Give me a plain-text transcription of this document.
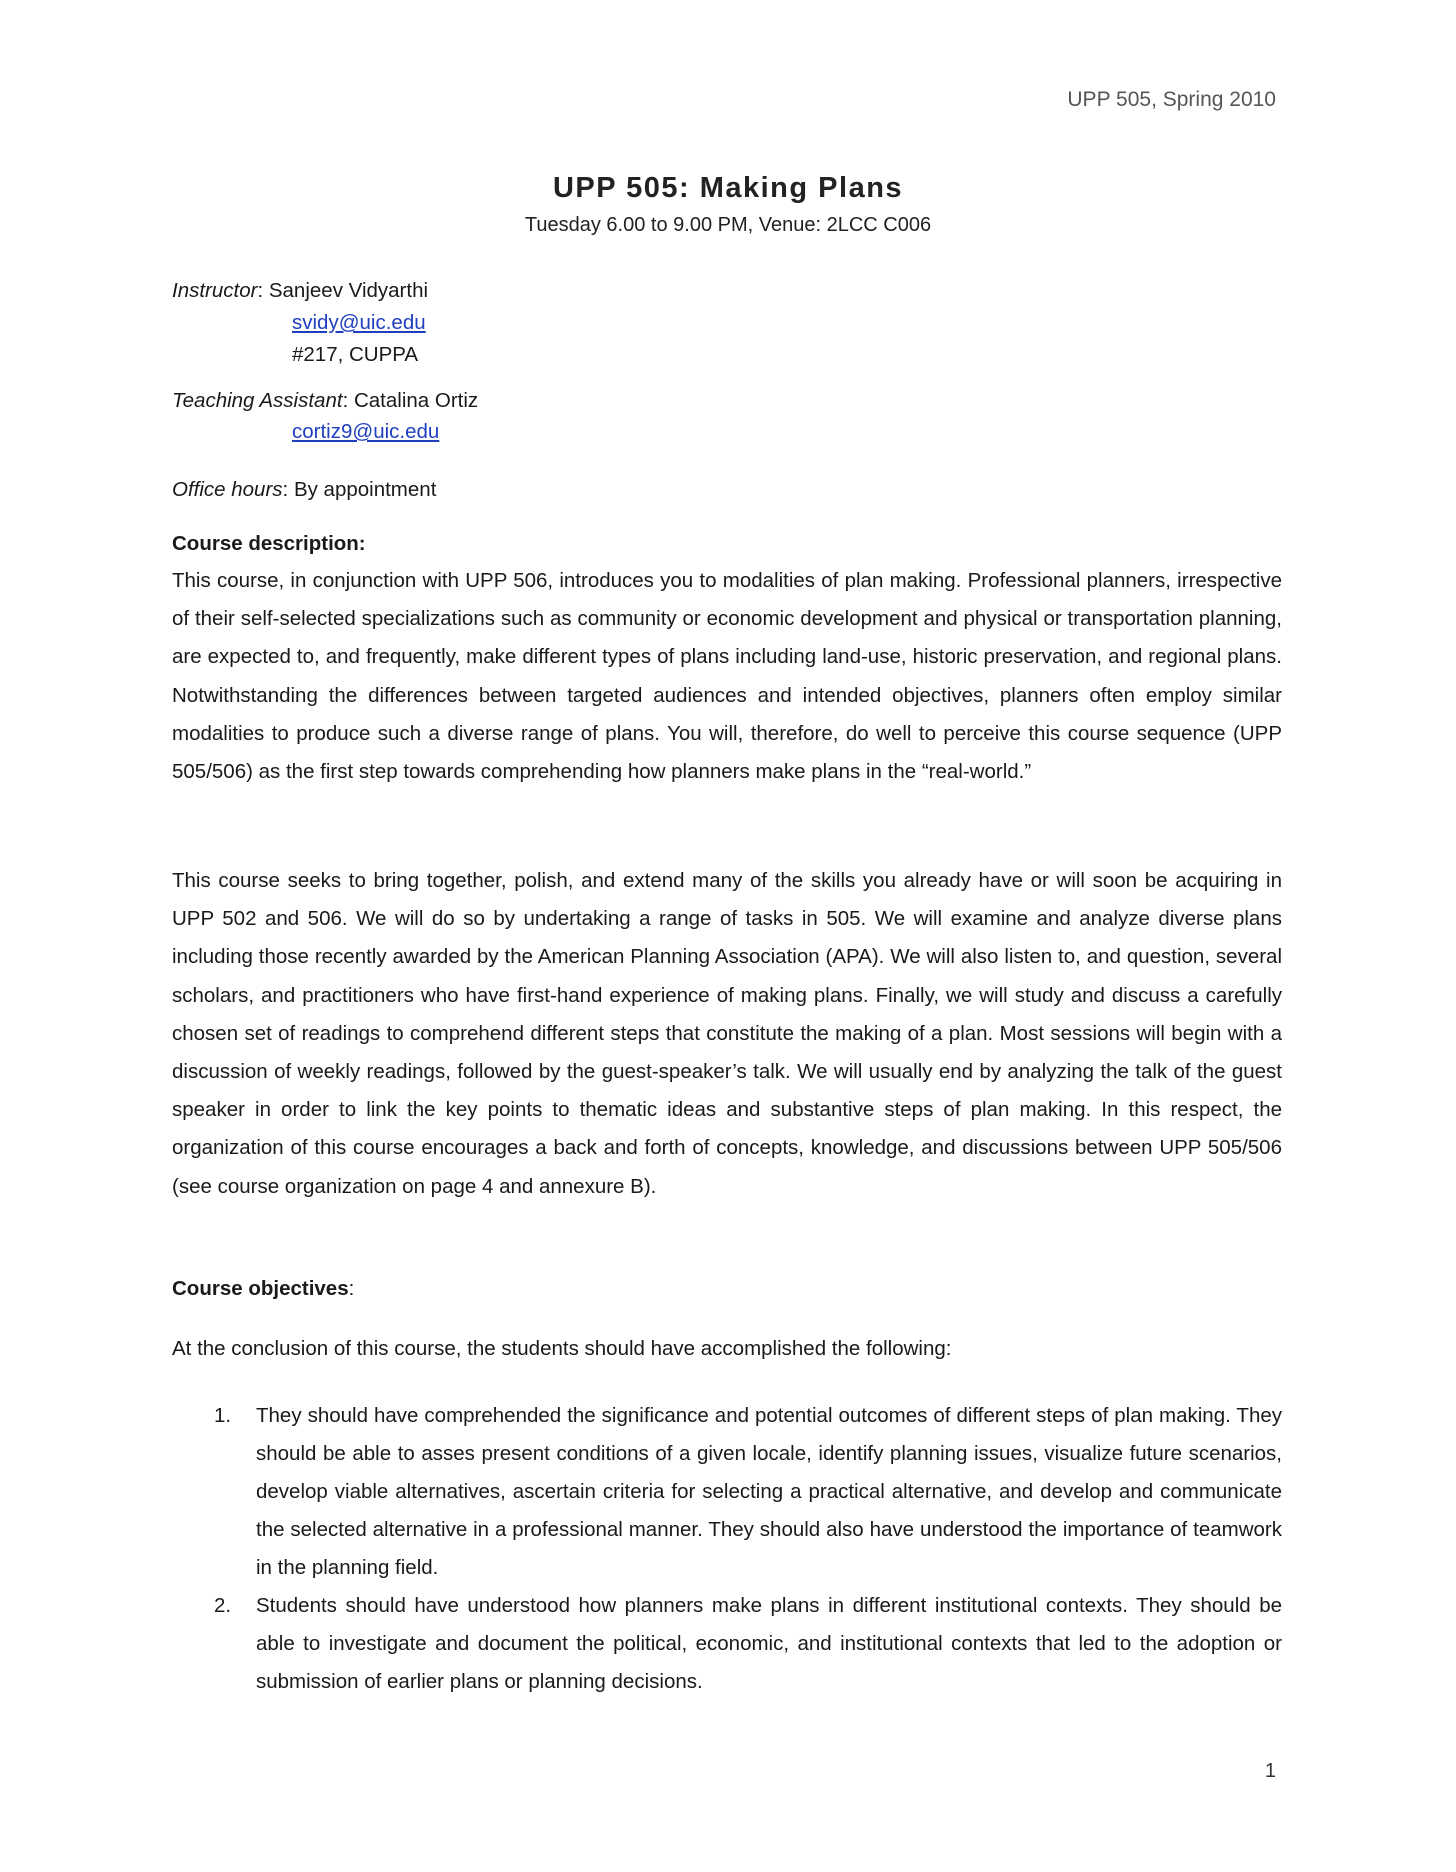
UPP 505, Spring 2010
UPP 505: Making Plans
Tuesday 6.00 to 9.00 PM, Venue: 2LCC C006
Instructor: Sanjeev Vidyarthi
svidy@uic.edu
#217, CUPPA
Teaching Assistant: Catalina Ortiz
cortiz9@uic.edu
Office hours: By appointment
Course description:

This course, in conjunction with UPP 506, introduces you to modalities of plan making. Professional planners, irrespective of their self-selected specializations such as community or economic development and physical or transportation planning, are expected to, and frequently, make different types of plans including land-use, historic preservation, and regional plans. Notwithstanding the differences between targeted audiences and intended objectives, planners often employ similar modalities to produce such a diverse range of plans. You will, therefore, do well to perceive this course sequence (UPP 505/506) as the first step towards comprehending how planners make plans in the “real-world.”

This course seeks to bring together, polish, and extend many of the skills you already have or will soon be acquiring in UPP 502 and 506. We will do so by undertaking a range of tasks in 505. We will examine and analyze diverse plans including those recently awarded by the American Planning Association (APA). We will also listen to, and question, several scholars, and practitioners who have first-hand experience of making plans. Finally, we will study and discuss a carefully chosen set of readings to comprehend different steps that constitute the making of a plan. Most sessions will begin with a discussion of weekly readings, followed by the guest-speaker’s talk. We will usually end by analyzing the talk of the guest speaker in order to link the key points to thematic ideas and substantive steps of plan making. In this respect, the organization of this course encourages a back and forth of concepts, knowledge, and discussions between UPP 505/506 (see course organization on page 4 and annexure B).

Course objectives:
At the conclusion of this course, the students should have accomplished the following:
1. They should have comprehended the significance and potential outcomes of different steps of plan making. They should be able to asses present conditions of a given locale, identify planning issues, visualize future scenarios, develop viable alternatives, ascertain criteria for selecting a practical alternative, and develop and communicate the selected alternative in a professional manner. They should also have understood the importance of teamwork in the planning field.
2. Students should have understood how planners make plans in different institutional contexts. They should be able to investigate and document the political, economic, and institutional contexts that led to the adoption or submission of earlier plans or planning decisions.
1
